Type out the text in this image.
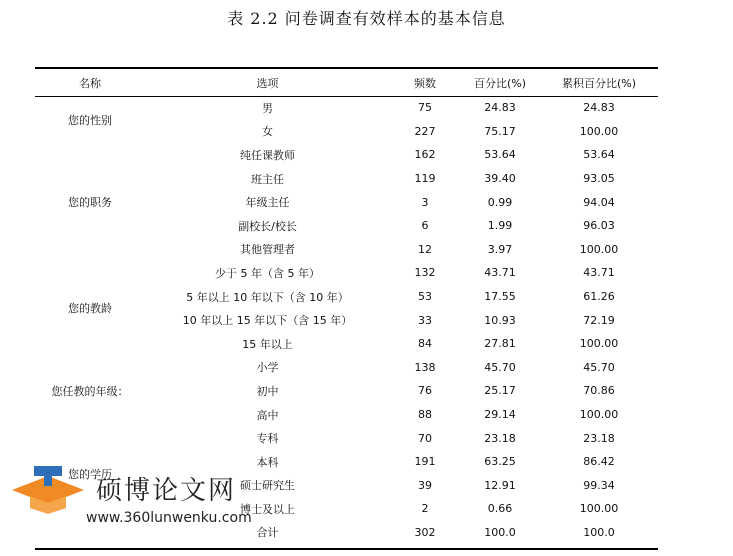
表 2.2 问卷调查有效样本的基本信息
名称	选项	频数	百分比(%)	累积百分比(%)
您的性别	男	75	24.83	24.83
	女	227	75.17	100.00
您的职务	纯任课教师	162	53.64	53.64
	班主任	119	39.40	93.05
	年级主任	3	0.99	94.04
	副校长/校长	6	1.99	96.03
	其他管理者	12	3.97	100.00
您的教龄	少于 5 年（含 5 年）	132	43.71	43.71
	5 年以上 10 年以下（含 10 年）	53	17.55	61.26
	10 年以上 15 年以下（含 15 年）	33	10.93	72.19
	15 年以上	84	27.81	100.00
您任教的年级：	小学	138	45.70	45.70
	初中	76	25.17	70.86
	高中	88	29.14	100.00
您的学历	专科	70	23.18	23.18
	本科	191	63.25	86.42
	硕士研究生	39	12.91	99.34
	博士及以上	2	0.66	100.00
	合计	302	100.0	100.0
硕博论文网
www.360lunwenku.com
